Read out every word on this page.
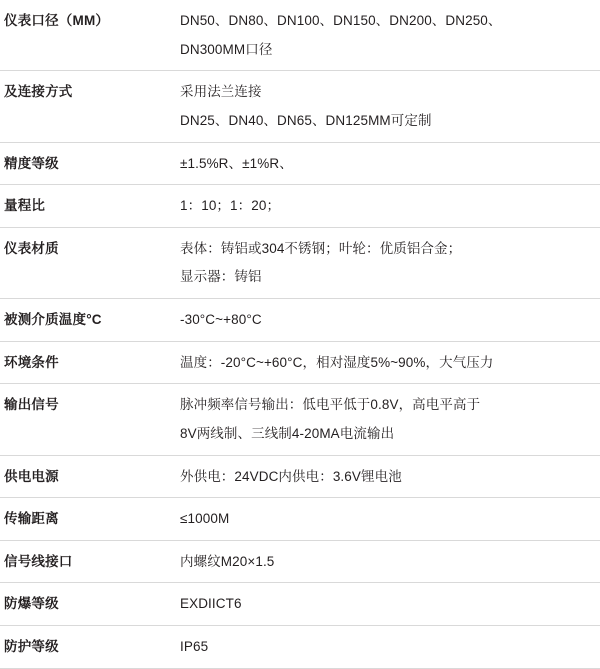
仪表口径（MM）	DN50、DN80、DN100、DN150、DN200、DN250、
DN300MM口径

及连接方式	采用法兰连接
DN25、DN40、DN65、DN125MM可定制

精度等级	±1.5%R、±1%R、

量程比	1：10；1：20；

仪表材质	表体：铸铝或304不锈钢；叶轮：优质铝合金；
显示器：铸铝

被测介质温度°C	-30°C~+80°C

环境条件	温度：-20°C~+60°C，相对湿度5%~90%，大气压力

输出信号	脉冲频率信号输出：低电平低于0.8V，高电平高于
8V两线制、三线制4-20MA电流输出

供电电源	外供电：24VDC内供电：3.6V锂电池

传输距离	≤1000M

信号线接口	内螺纹M20×1.5

防爆等级	EXDIICT6

防护等级	IP65
